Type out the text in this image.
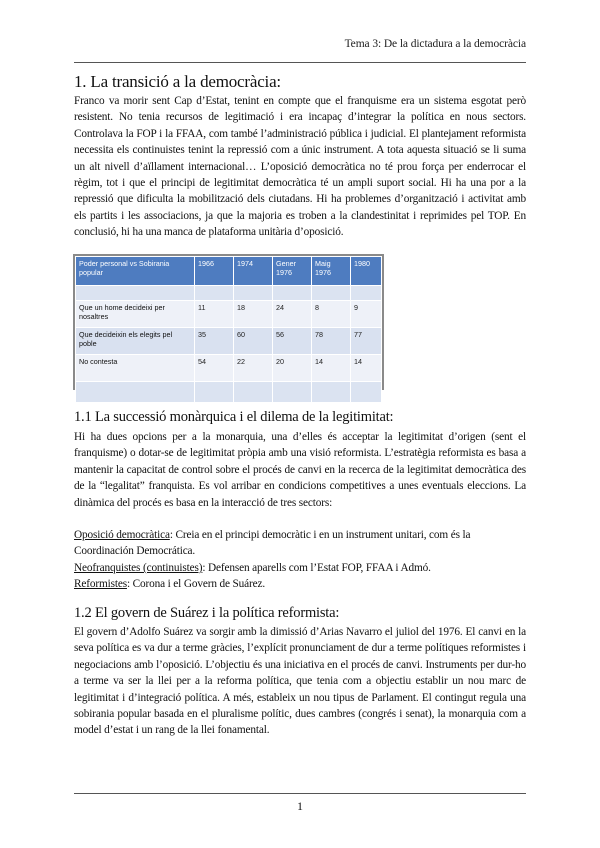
Tema 3: De la dictadura a la democràcia
1. La transició a la democràcia:

Franco va morir sent Cap d’Estat, tenint en compte que el franquisme era un sistema esgotat però resistent. No tenia recursos de legitimació i era incapaç d’integrar la política en nous sectors. Controlava la FOP i la FFAA, com també l’administració pública i judicial. El plantejament reformista necessita els continuistes tenint la repressió com a únic instrument. A tota aquesta situació se li suma un alt nivell d’aïllament internacional… L’oposició democràtica no té prou força per enderrocar el règim, tot i que el principi de legitimitat democràtica té un ampli suport social. Hi ha una por a la repressió que dificulta la mobilització dels ciutadans. Hi ha problemes d’organització i activitat amb els partits i les associacions, ja que la majoria es troben a la clandestinitat i reprimides pel TOP. En conclusió, hi ha una manca de plataforma unitària d’oposició.

Poder personal vs Sobirania popular	1966	1974	Gener 1976	Maig 1976	1980

Que un home decideixi per nosaltres	11	18	24	8	9
Que decideixin els elegits pel poble	35	60	56	78	77
No contesta	54	22	20	14	14

1.1 La successió monàrquica i el dilema de la legitimitat:

Hi ha dues opcions per a la monarquia, una d’elles és acceptar la legitimitat d’origen (sent el franquisme) o dotar-se de legitimitat pròpia amb una visió reformista. L’estratègia reformista es basa a mantenir la capacitat de control sobre el procés de canvi en la recerca de la legitimitat democràtica des de la “legalitat” franquista. Es vol arribar en condicions competitives a unes eventuals eleccions. La dinàmica del procés es basa en la interacció de tres sectors:

Oposició democràtica: Creia en el principi democràtic i en un instrument unitari, com és la Coordinación Democrática.

Neofranquistes (continuistes): Defensen aparells com l’Estat FOP, FFAA i Admó.

Reformistes: Corona i el Govern de Suárez.

1.2 El govern de Suárez i la política reformista:

El govern d’Adolfo Suárez va sorgir amb la dimissió d’Arias Navarro el juliol del 1976. El canvi en la seva política es va dur a terme gràcies, l’explícit pronunciament de dur a terme polítiques reformistes i negociacions amb l’oposició. L’objectiu és una iniciativa en el procés de canvi. Instruments per dur-ho a terme va ser la llei per a la reforma política, que tenia com a objectiu establir un nou marc de legitimitat i d’integració política. A més, estableix un nou tipus de Parlament. El contingut regula una sobirania popular basada en el pluralisme polític, dues cambres (congrés i senat), la monarquia com a model d’estat i un rang de la llei fonamental.

1
